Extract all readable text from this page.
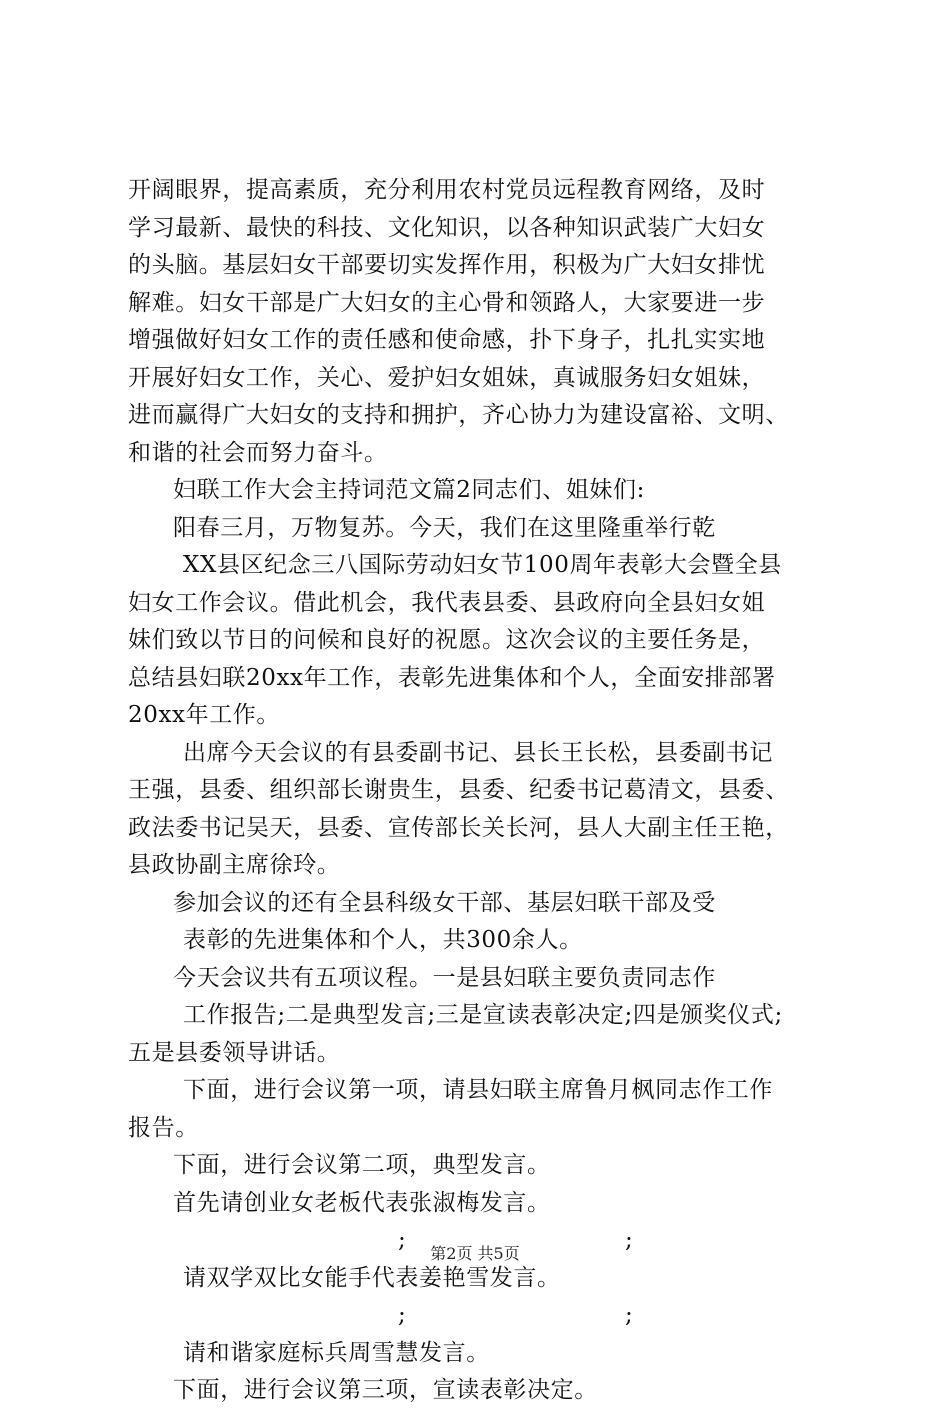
开阔眼界，提高素质，充分利用农村党员远程教育网络，及时
学习最新、最快的科技、文化知识，以各种知识武装广大妇女
的头脑。基层妇女干部要切实发挥作用，积极为广大妇女排忧
解难。妇女干部是广大妇女的主心骨和领路人，大家要进一步
增强做好妇女工作的责任感和使命感，扑下身子，扎扎实实地
开展好妇女工作，关心、爱护妇女姐妹，真诚服务妇女姐妹，
进而赢得广大妇女的支持和拥护，齐心协力为建设富裕、文明、
和谐的社会而努力奋斗。
妇联工作大会主持词范文篇2同志们、姐妹们:
阳春三月，万物复苏。今天，我们在这里隆重举行乾
XX县区纪念三八国际劳动妇女节100周年表彰大会暨全县
妇女工作会议。借此机会，我代表县委、县政府向全县妇女姐
妹们致以节日的问候和良好的祝愿。这次会议的主要任务是，
总结县妇联20xx年工作，表彰先进集体和个人，全面安排部署
20xx年工作。
出席今天会议的有县委副书记、县长王长松，县委副书记
王强，县委、组织部长谢贵生，县委、纪委书记葛清文，县委、
政法委书记吴天，县委、宣传部长关长河，县人大副主任王艳，
县政协副主席徐玲。
参加会议的还有全县科级女干部、基层妇联干部及受
表彰的先进集体和个人，共300余人。
今天会议共有五项议程。一是县妇联主要负责同志作
工作报告;二是典型发言;三是宣读表彰决定;四是颁奖仪式;
五是县委领导讲话。
下面，进行会议第一项，请县妇联主席鲁月枫同志作工作
报告。
下面，进行会议第二项，典型发言。
首先请创业女老板代表张淑梅发言。
;	;
请双学双比女能手代表姜艳雪发言。
;	;
请和谐家庭标兵周雪慧发言。
下面，进行会议第三项，宣读表彰决定。
第2页 共5页
